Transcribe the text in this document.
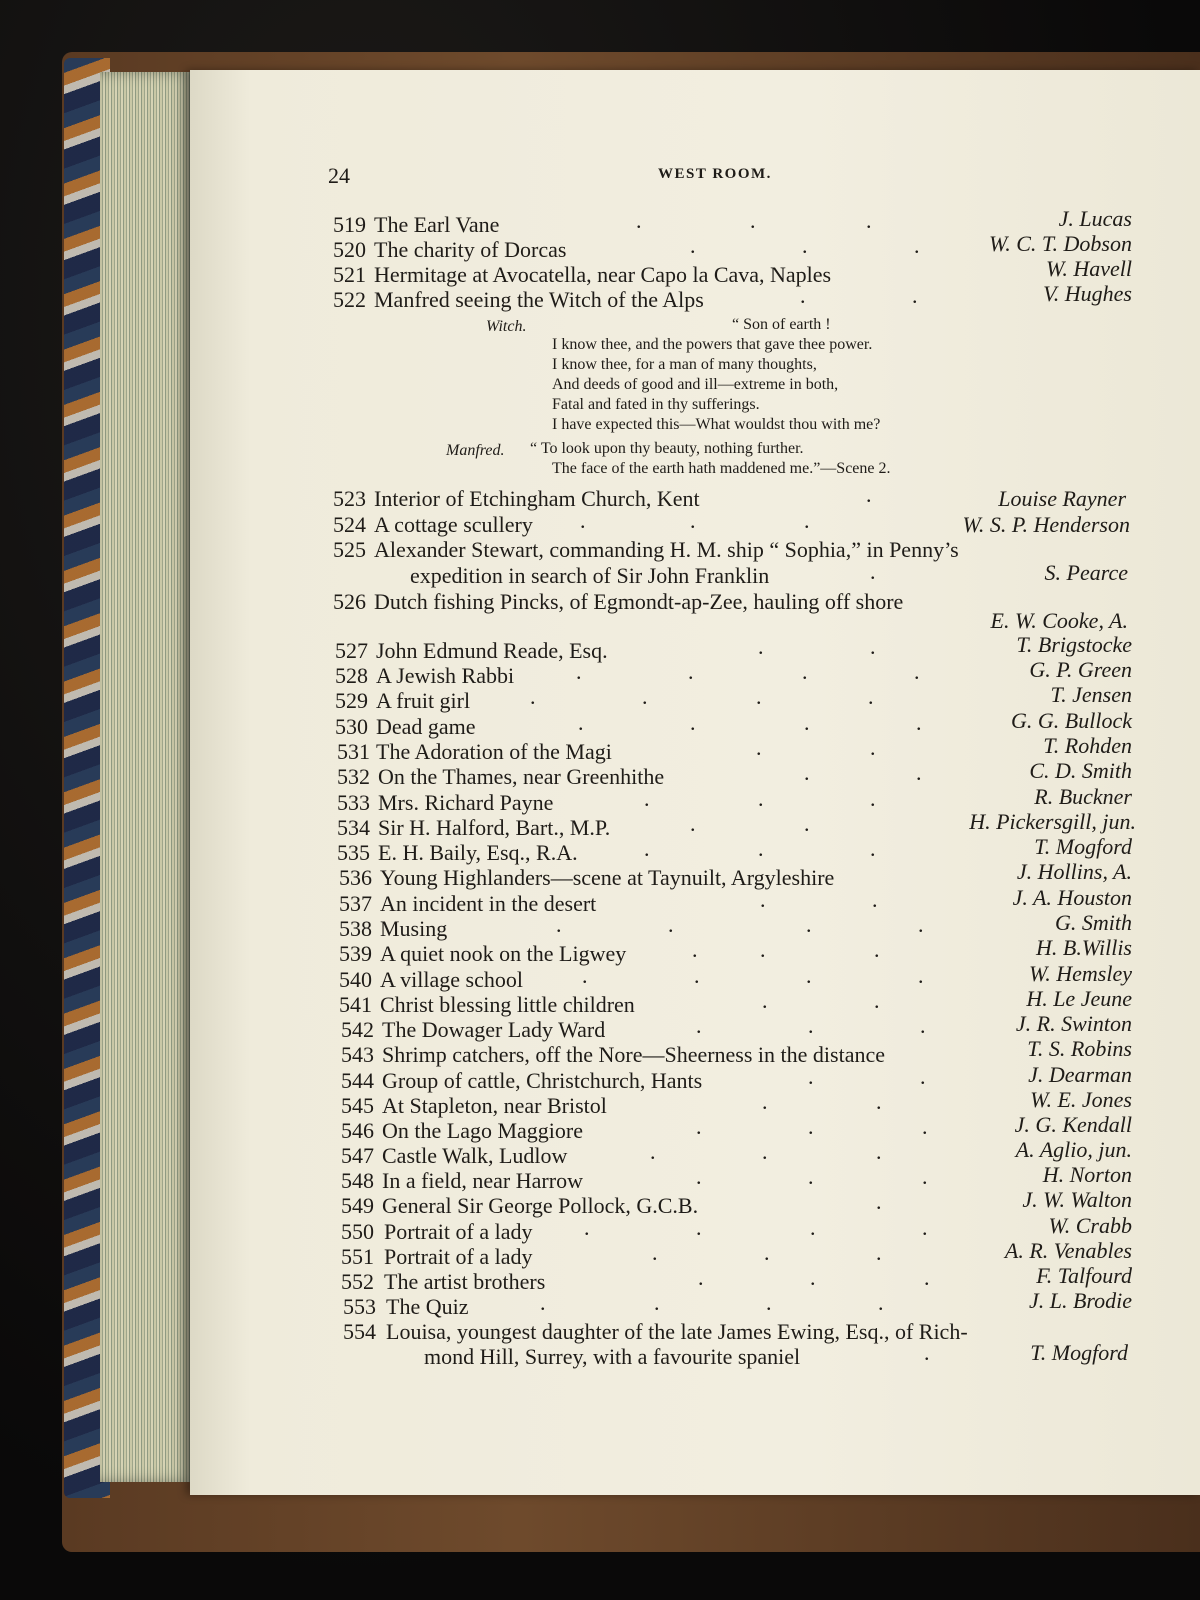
24	WEST ROOM.
519 The Earl Vane	J. Lucas
520 The charity of Dorcas	W. C. T. Dobson
521 Hermitage at Avocatella, near Capo la Cava, Naples	W. Havell
522 Manfred seeing the Witch of the Alps	V. Hughes
Witch.	“ Son of earth !
I know thee, and the powers that gave thee power.
I know thee, for a man of many thoughts,
And deeds of good and ill—extreme in both,
Fatal and fated in thy sufferings.
I have expected this—What wouldst thou with me?
Manfred. “ To look upon thy beauty, nothing further.
The face of the earth hath maddened me.”—Scene 2.
523 Interior of Etchingham Church, Kent	Louise Rayner
524 A cottage scullery	W. S. P. Henderson
525 Alexander Stewart, commanding H. M. ship “ Sophia,” in Penny’s
expedition in search of Sir John Franklin	S. Pearce
526 Dutch fishing Pincks, of Egmondt-ap-Zee, hauling off shore
E. W. Cooke, A.
527 John Edmund Reade, Esq.	T. Brigstocke
528 A Jewish Rabbi	G. P. Green
529 A fruit girl	T. Jensen
530 Dead game	G. G. Bullock
531 The Adoration of the Magi	T. Rohden
532 On the Thames, near Greenhithe	C. D. Smith
533 Mrs. Richard Payne	R. Buckner
534 Sir H. Halford, Bart., M.P.	H. Pickersgill, jun.
535 E. H. Baily, Esq., R.A.	T. Mogford
536 Young Highlanders—scene at Taynuilt, Argyleshire	J. Hollins, A.
537 An incident in the desert	J. A. Houston
538 Musing	G. Smith
539 A quiet nook on the Ligwey	H. B.Willis
540 A village school	W. Hemsley
541 Christ blessing little children	H. Le Jeune
542 The Dowager Lady Ward	J. R. Swinton
543 Shrimp catchers, off the Nore—Sheerness in the distance	T. S. Robins
544 Group of cattle, Christchurch, Hants	J. Dearman
545 At Stapleton, near Bristol	W. E. Jones
546 On the Lago Maggiore	J. G. Kendall
547 Castle Walk, Ludlow	A. Aglio, jun.
548 In a field, near Harrow	H. Norton
549 General Sir George Pollock, G.C.B.	J. W. Walton
550 Portrait of a lady	W. Crabb
551 Portrait of a lady	A. R. Venables
552 The artist brothers	F. Talfourd
553 The Quiz	J. L. Brodie
554 Louisa, youngest daughter of the late James Ewing, Esq., of Rich-
mond Hill, Surrey, with a favourite spaniel	T. Mogford
.	.	.
.	.	.
.	.
.
.	.	.
.
.	.
.	.	.	.
.	.	.	.
.	.	.	.
.	.
.	.
.	.	.
.	.
.	.	.
.	.
.	.	.	.
.	.	.
.	.	.	.
.	.
.	.	.
.	.
.	.
.	.	.
.	.	.
.	.	.
.
.	.	.	.
.	.	.
.	.	.
.	.	.	.
.
